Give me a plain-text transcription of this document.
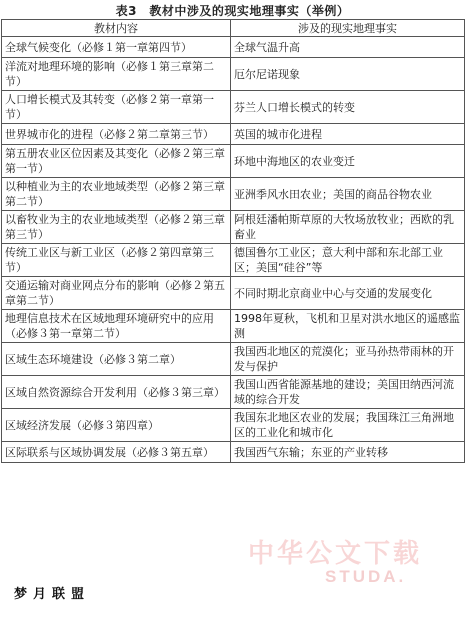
表3　教材中涉及的现实地理事实（举例）
教材内容	涉及的现实地理事实
全球气候变化（必修１第一章第四节）	全球气温升高
洋流对地理环境的影响（必修１第三章第二节）	厄尔尼诺现象
人口增长模式及其转变（必修２第一章第一节）	芬兰人口增长模式的转变
世界城市化的进程（必修２第二章第三节）	英国的城市化进程
第五册农业区位因素及其变化（必修２第三章第一节）	环地中海地区的农业变迁
以种植业为主的农业地域类型（必修２第三章第二节）	亚洲季风水田农业；美国的商品谷物农业
以畜牧业为主的农业地域类型（必修２第三章第三节）	阿根廷潘帕斯草原的大牧场放牧业；西欧的乳畜业
传统工业区与新工业区（必修２第四章第三节）	德国鲁尔工业区；意大利中部和东北部工业区；美国“硅谷”等
交通运输对商业网点分布的影响（必修２第五章第二节）	不同时期北京商业中心与交通的发展变化
地理信息技术在区域地理环境研究中的应用（必修３第一章第二节）	1998年夏秋，飞机和卫星对洪水地区的遥感监测
区域生态环境建设（必修３第二章）	我国西北地区的荒漠化；亚马孙热带雨林的开发与保护
区域自然资源综合开发利用（必修３第三章）	我国山西省能源基地的建设；美国田纳西河流域的综合开发
区域经济发展（必修３第四章）	我国东北地区农业的发展；我国珠江三角洲地区的工业化和城市化
区际联系与区域协调发展（必修３第五章）	我国西气东输；东亚的产业转移
中华公文下载
STUDA.
梦月联盟
